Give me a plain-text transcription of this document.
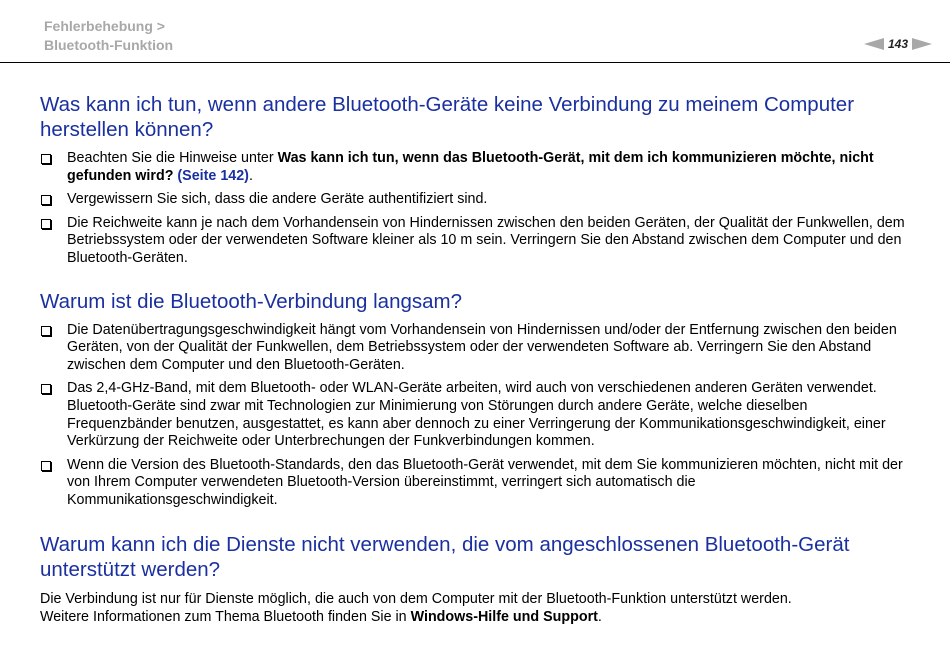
Fehlerbehebung >
Bluetooth-Funktion	143
Was kann ich tun, wenn andere Bluetooth-Geräte keine Verbindung zu meinem Computer herstellen können?
Beachten Sie die Hinweise unter Was kann ich tun, wenn das Bluetooth-Gerät, mit dem ich kommunizieren möchte, nicht gefunden wird? (Seite 142).
Vergewissern Sie sich, dass die andere Geräte authentifiziert sind.
Die Reichweite kann je nach dem Vorhandensein von Hindernissen zwischen den beiden Geräten, der Qualität der Funkwellen, dem Betriebssystem oder der verwendeten Software kleiner als 10 m sein. Verringern Sie den Abstand zwischen dem Computer und den Bluetooth-Geräten.
Warum ist die Bluetooth-Verbindung langsam?
Die Datenübertragungsgeschwindigkeit hängt vom Vorhandensein von Hindernissen und/oder der Entfernung zwischen den beiden Geräten, von der Qualität der Funkwellen, dem Betriebssystem oder der verwendeten Software ab. Verringern Sie den Abstand zwischen dem Computer und den Bluetooth-Geräten.
Das 2,4-GHz-Band, mit dem Bluetooth- oder WLAN-Geräte arbeiten, wird auch von verschiedenen anderen Geräten verwendet. Bluetooth-Geräte sind zwar mit Technologien zur Minimierung von Störungen durch andere Geräte, welche dieselben Frequenzbänder benutzen, ausgestattet, es kann aber dennoch zu einer Verringerung der Kommunikationsgeschwindigkeit, einer Verkürzung der Reichweite oder Unterbrechungen der Funkverbindungen kommen.
Wenn die Version des Bluetooth-Standards, den das Bluetooth-Gerät verwendet, mit dem Sie kommunizieren möchten, nicht mit der von Ihrem Computer verwendeten Bluetooth-Version übereinstimmt, verringert sich automatisch die Kommunikationsgeschwindigkeit.
Warum kann ich die Dienste nicht verwenden, die vom angeschlossenen Bluetooth-Gerät unterstützt werden?

Die Verbindung ist nur für Dienste möglich, die auch von dem Computer mit der Bluetooth-Funktion unterstützt werden.
Weitere Informationen zum Thema Bluetooth finden Sie in Windows-Hilfe und Support.
